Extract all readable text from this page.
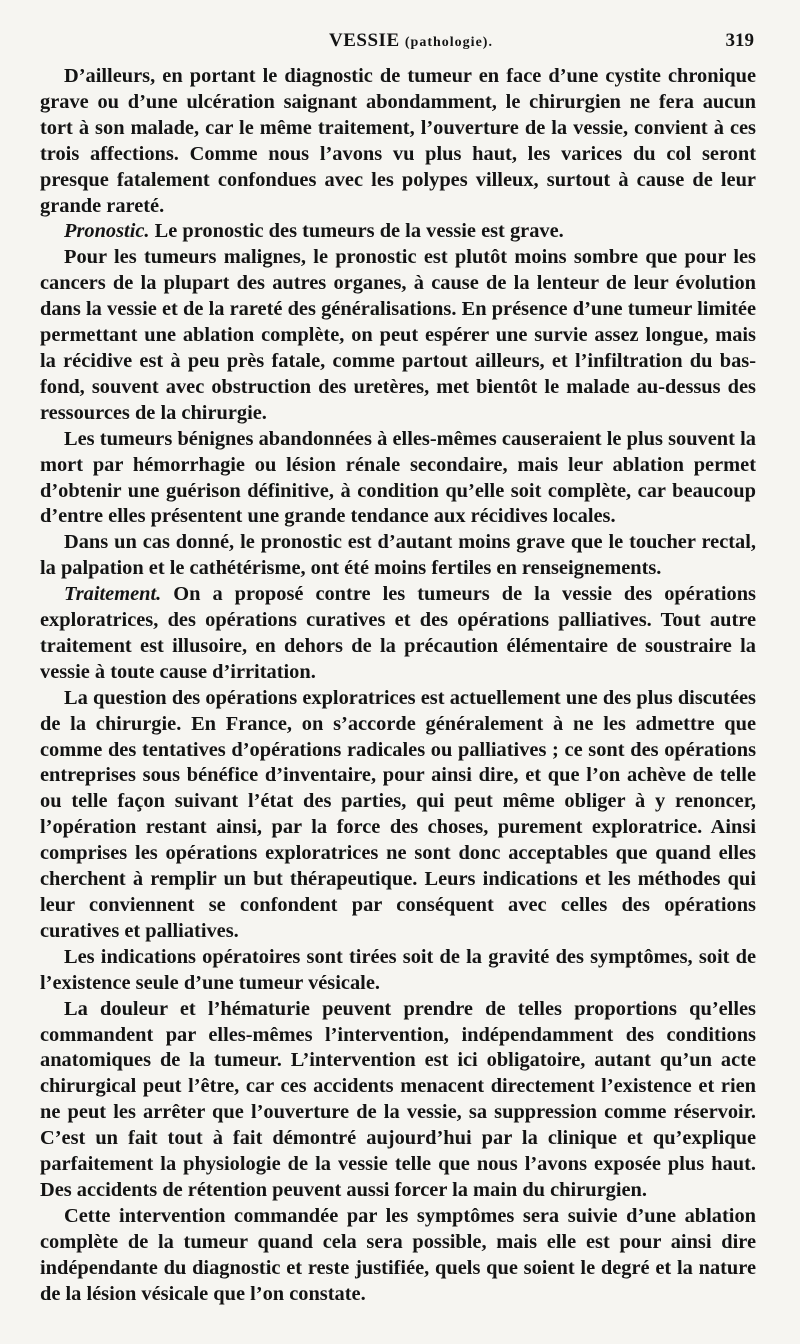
VESSIE (pathologie).	319

D’ailleurs, en portant le diagnostic de tumeur en face d’une cystite chronique grave ou d’une ulcération saignant abondamment, le chirurgien ne fera aucun tort à son malade, car le même traitement, l’ouverture de la vessie, convient à ces trois affections. Comme nous l’avons vu plus haut, les varices du col seront presque fatalement confondues avec les polypes villeux, surtout à cause de leur grande rareté.

Pronostic. Le pronostic des tumeurs de la vessie est grave.

Pour les tumeurs malignes, le pronostic est plutôt moins sombre que pour les cancers de la plupart des autres organes, à cause de la lenteur de leur évolution dans la vessie et de la rareté des généralisations. En présence d’une tumeur limitée permettant une ablation complète, on peut espérer une survie assez longue, mais la récidive est à peu près fatale, comme partout ailleurs, et l’infiltration du bas-fond, souvent avec obstruction des uretères, met bientôt le malade au-dessus des ressources de la chirurgie.

Les tumeurs bénignes abandonnées à elles-mêmes causeraient le plus souvent la mort par hémorrhagie ou lésion rénale secondaire, mais leur ablation permet d’obtenir une guérison définitive, à condition qu’elle soit complète, car beaucoup d’entre elles présentent une grande tendance aux récidives locales.

Dans un cas donné, le pronostic est d’autant moins grave que le toucher rectal, la palpation et le cathétérisme, ont été moins fertiles en renseignements.

Traitement. On a proposé contre les tumeurs de la vessie des opérations exploratrices, des opérations curatives et des opérations palliatives. Tout autre traitement est illusoire, en dehors de la précaution élémentaire de soustraire la vessie à toute cause d’irritation.

La question des opérations exploratrices est actuellement une des plus discutées de la chirurgie. En France, on s’accorde généralement à ne les admettre que comme des tentatives d’opérations radicales ou palliatives ; ce sont des opérations entreprises sous bénéfice d’inventaire, pour ainsi dire, et que l’on achève de telle ou telle façon suivant l’état des parties, qui peut même obliger à y renoncer, l’opération restant ainsi, par la force des choses, purement exploratrice. Ainsi comprises les opérations exploratrices ne sont donc acceptables que quand elles cherchent à remplir un but thérapeutique. Leurs indications et les méthodes qui leur conviennent se confondent par conséquent avec celles des opérations curatives et palliatives.

Les indications opératoires sont tirées soit de la gravité des symptômes, soit de l’existence seule d’une tumeur vésicale.

La douleur et l’hématurie peuvent prendre de telles proportions qu’elles commandent par elles-mêmes l’intervention, indépendamment des conditions anatomiques de la tumeur. L’intervention est ici obligatoire, autant qu’un acte chirurgical peut l’être, car ces accidents menacent directement l’existence et rien ne peut les arrêter que l’ouverture de la vessie, sa suppression comme réservoir. C’est un fait tout à fait démontré aujourd’hui par la clinique et qu’explique parfaitement la physiologie de la vessie telle que nous l’avons exposée plus haut. Des accidents de rétention peuvent aussi forcer la main du chirurgien.

Cette intervention commandée par les symptômes sera suivie d’une ablation complète de la tumeur quand cela sera possible, mais elle est pour ainsi dire indépendante du diagnostic et reste justifiée, quels que soient le degré et la nature de la lésion vésicale que l’on constate.
